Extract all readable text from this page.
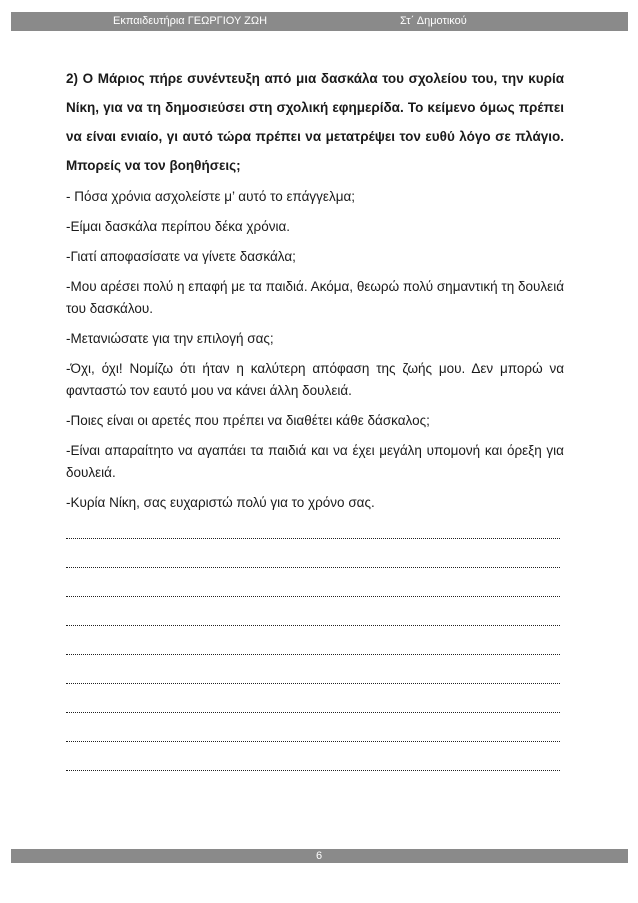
Εκπαιδευτήρια ΓΕΩΡΓΙΟΥ ΖΩΗ	Στ΄ Δημοτικού

2) Ο Μάριος πήρε συνέντευξη από μια δασκάλα του σχολείου του, την κυρία Νίκη, για να τη δημοσιεύσει στη σχολική εφημερίδα. Το κείμενο όμως πρέπει να είναι ενιαίο, γι αυτό τώρα πρέπει να μετατρέψει τον ευθύ λόγο σε πλάγιο. Μπορείς να τον βοηθήσεις;

- Πόσα χρόνια ασχολείστε μ’ αυτό το επάγγελμα;

-Είμαι δασκάλα περίπου δέκα χρόνια.

-Γιατί αποφασίσατε να γίνετε δασκάλα;

-Μου αρέσει πολύ η επαφή με τα παιδιά. Ακόμα, θεωρώ πολύ σημαντική τη δουλειά του δασκάλου.

-Μετανιώσατε για την επιλογή σας;

-Όχι, όχι! Νομίζω ότι ήταν η καλύτερη απόφαση της ζωής μου. Δεν μπορώ να φανταστώ τον εαυτό μου να κάνει άλλη δουλειά.

-Ποιες είναι οι αρετές που πρέπει να διαθέτει κάθε δάσκαλος;

-Είναι απαραίτητο να αγαπάει τα παιδιά και να έχει μεγάλη υπομονή και όρεξη για δουλειά.

-Κυρία Νίκη, σας ευχαριστώ πολύ για το χρόνο σας.

6
